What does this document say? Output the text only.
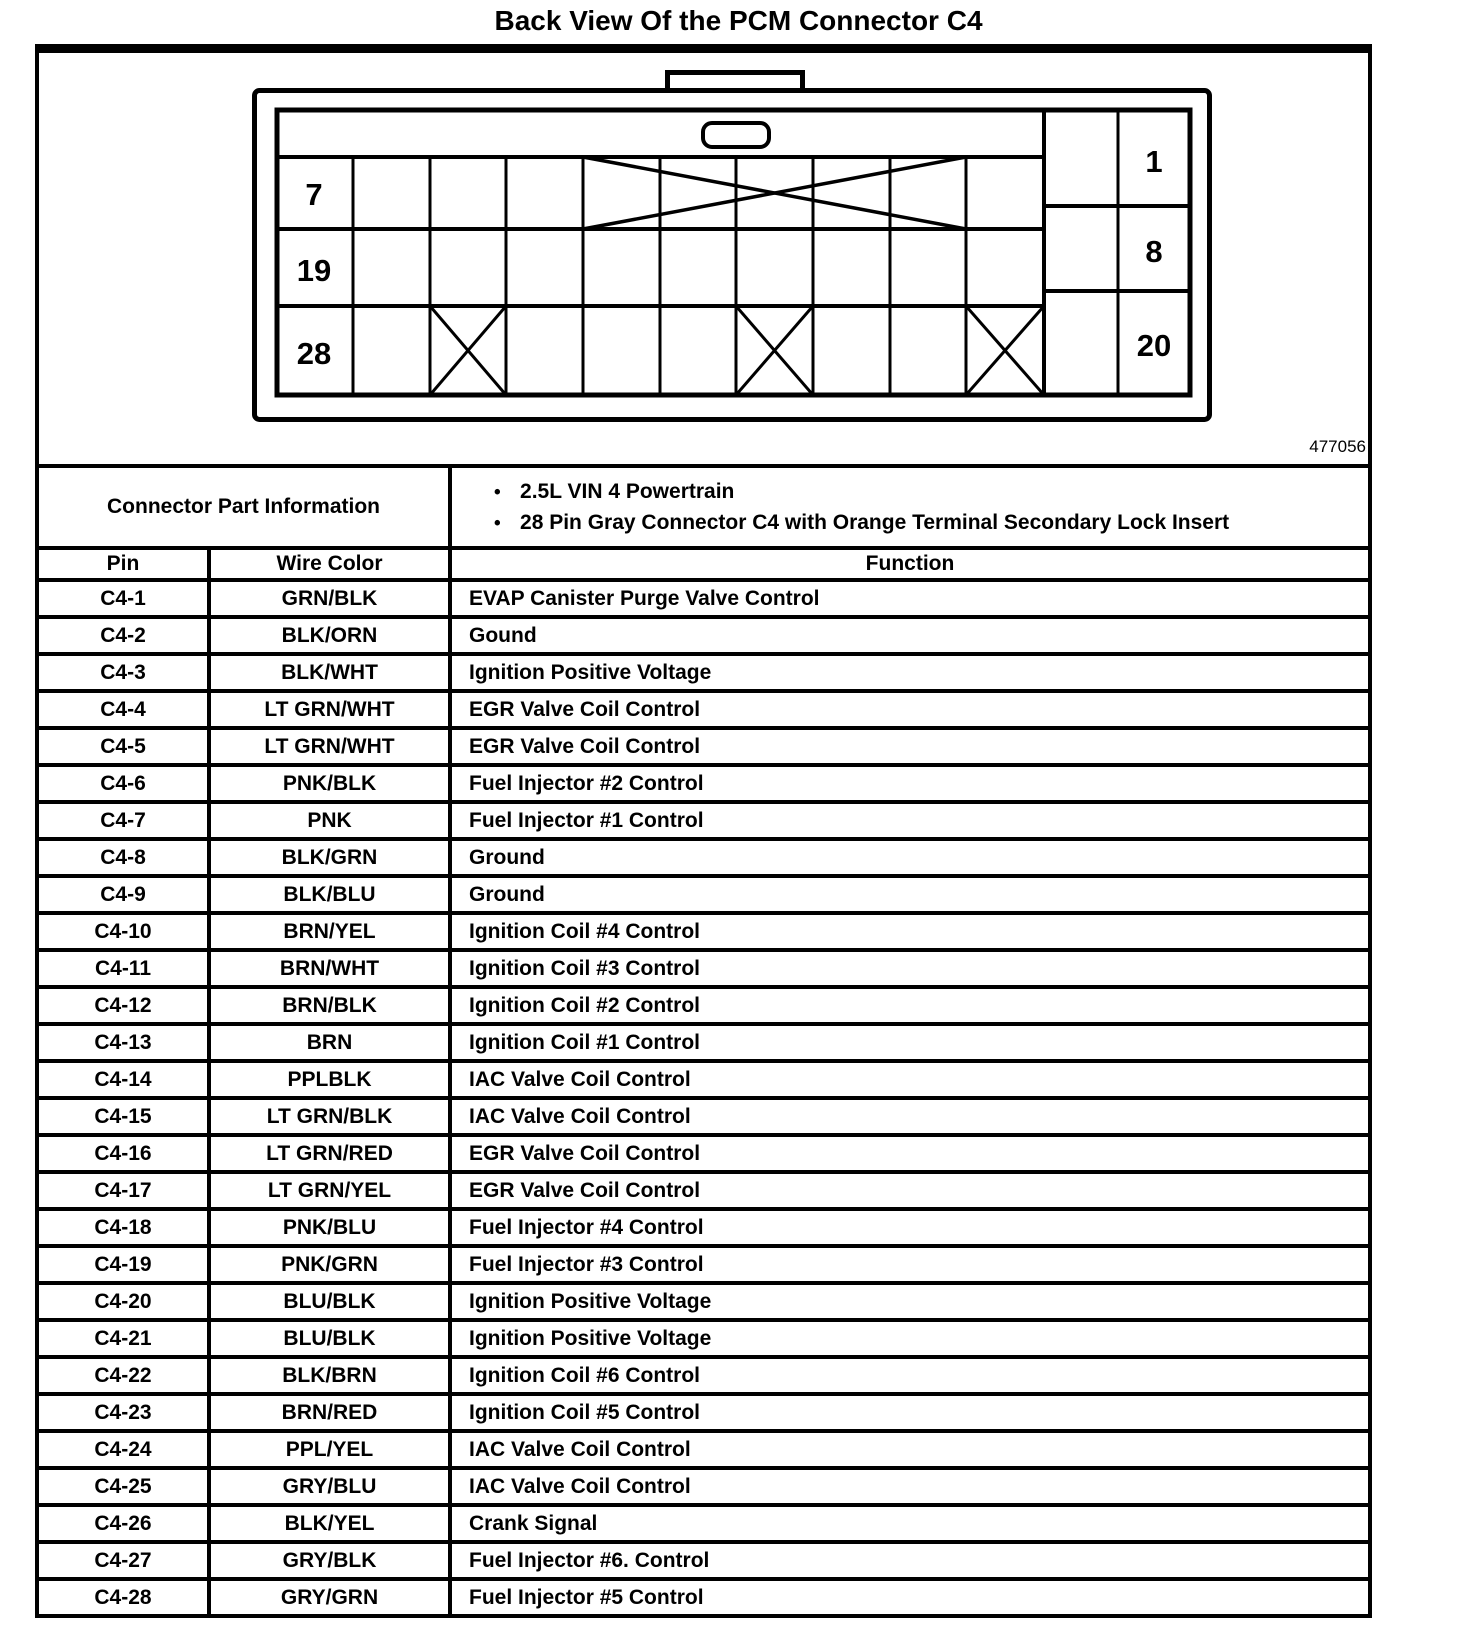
Back View Of the PCM Connector C4
7
19
28
1
8
20
477056
Connector Part Information		• 2.5L VIN 4 Powertrain
• 28 Pin Gray Connector C4 with Orange Terminal Secondary Lock Insert

Pin	Wire Color	Function
C4-1	GRN/BLK	EVAP Canister Purge Valve Control
C4-2	BLK/ORN	Gound
C4-3	BLK/WHT	Ignition Positive Voltage
C4-4	LT GRN/WHT	EGR Valve Coil Control
C4-5	LT GRN/WHT	EGR Valve Coil Control
C4-6	PNK/BLK	Fuel Injector #2 Control
C4-7	PNK	Fuel Injector #1 Control
C4-8	BLK/GRN	Ground
C4-9	BLK/BLU	Ground
C4-10	BRN/YEL	Ignition Coil #4 Control
C4-11	BRN/WHT	Ignition Coil #3 Control
C4-12	BRN/BLK	Ignition Coil #2 Control
C4-13	BRN	Ignition Coil #1 Control
C4-14	PPLBLK	IAC Valve Coil Control
C4-15	LT GRN/BLK	IAC Valve Coil Control
C4-16	LT GRN/RED	EGR Valve Coil Control
C4-17	LT GRN/YEL	EGR Valve Coil Control
C4-18	PNK/BLU	Fuel Injector #4 Control
C4-19	PNK/GRN	Fuel Injector #3 Control
C4-20	BLU/BLK	Ignition Positive Voltage
C4-21	BLU/BLK	Ignition Positive Voltage
C4-22	BLK/BRN	Ignition Coil #6 Control
C4-23	BRN/RED	Ignition Coil #5 Control
C4-24	PPL/YEL	IAC Valve Coil Control
C4-25	GRY/BLU	IAC Valve Coil Control
C4-26	BLK/YEL	Crank Signal
C4-27	GRY/BLK	Fuel Injector #6. Control
C4-28	GRY/GRN	Fuel Injector #5 Control
